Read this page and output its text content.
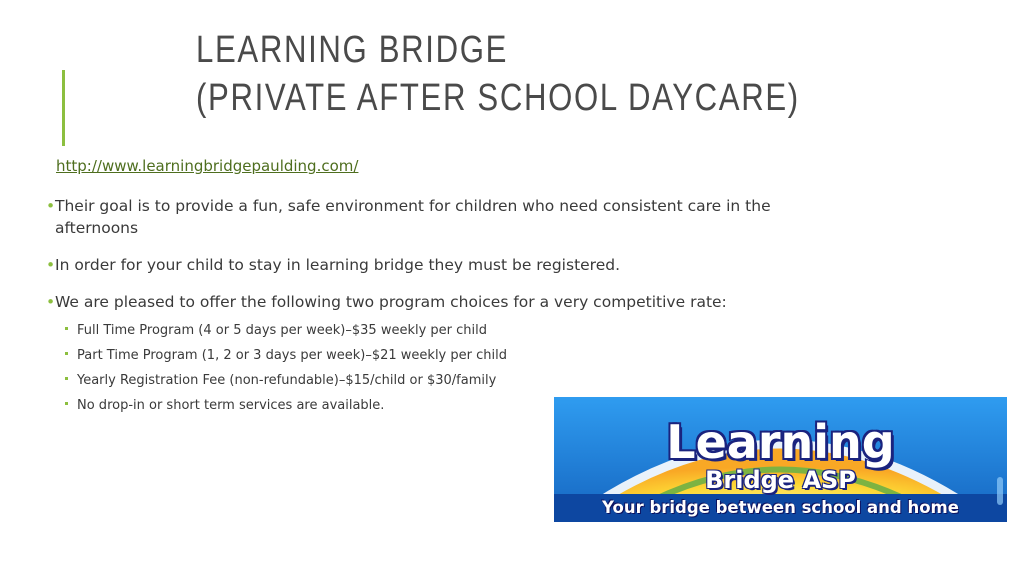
LEARNING BRIDGE
(PRIVATE AFTER SCHOOL DAYCARE)
http://www.learningbridgepaulding.com/
• Their goal is to provide a fun, safe environment for children who need consistent care in the afternoons
• In order for your child to stay in learning bridge they must be registered.
• We are pleased to offer the following two program choices for a very competitive rate:
Full Time Program (4 or 5 days per week)–$35 weekly per child
Part Time Program (1, 2 or 3 days per week)–$21 weekly per child
Yearly Registration Fee (non-refundable)–$15/child or $30/family
No drop-in or short term services are available.
Learning
Bridge ASP
Your bridge between school and home
